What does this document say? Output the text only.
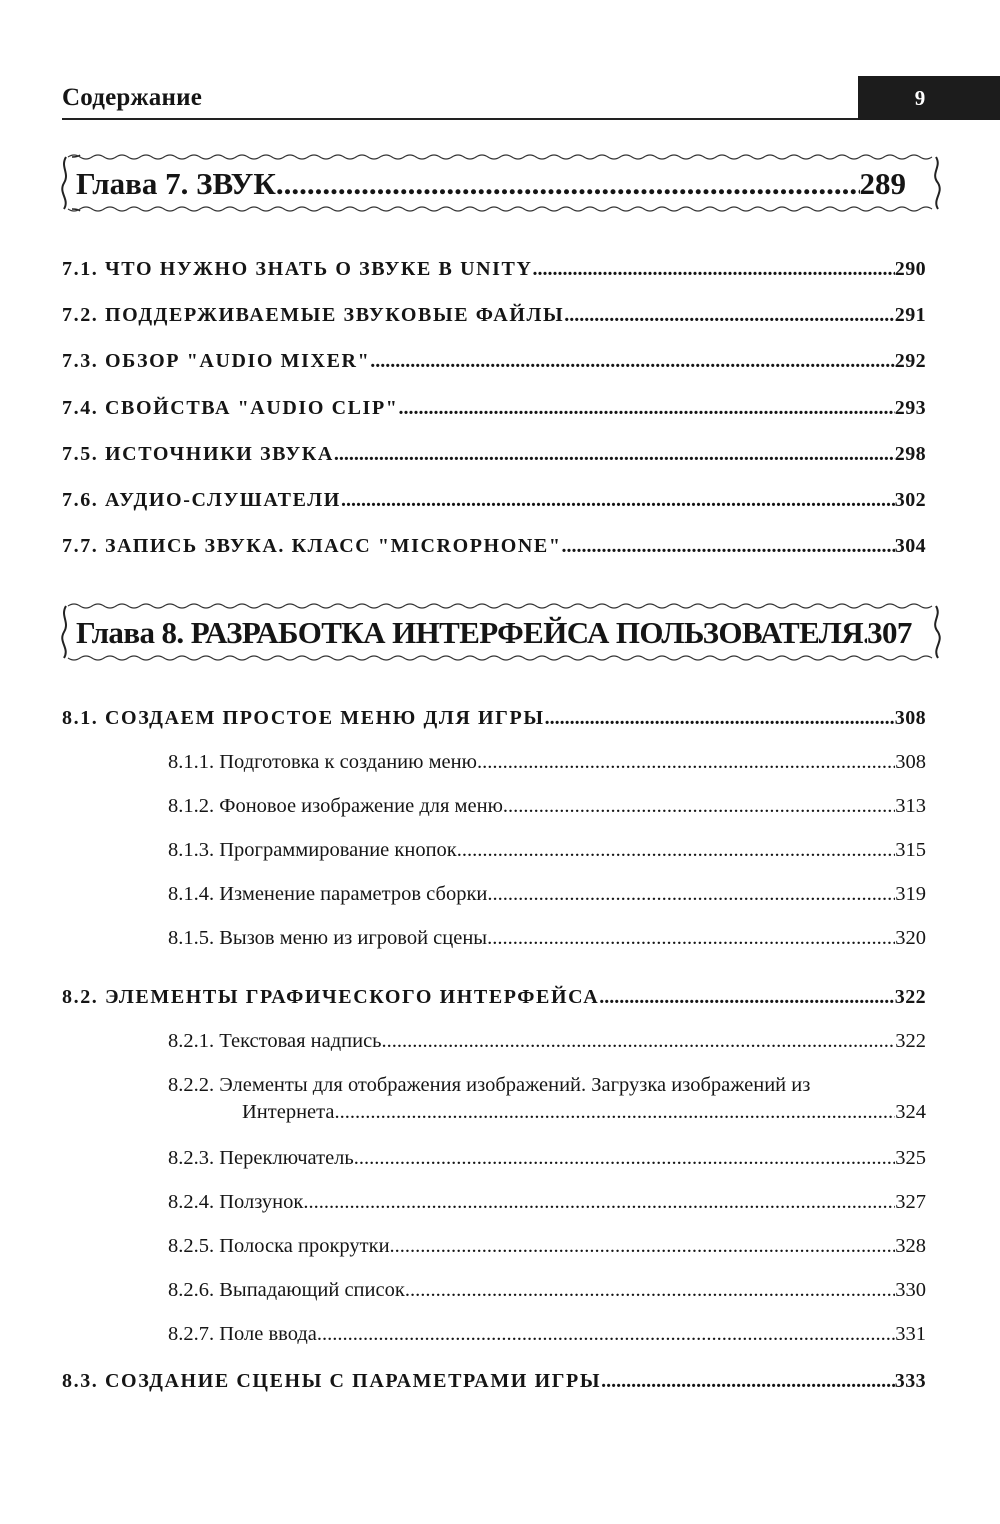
Содержание	9
Глава 7. ЗВУК .....	289
7.1. ЧТО НУЖНО ЗНАТЬ О ЗВУКЕ В UNITY .....	290
7.2. ПОДДЕРЖИВАЕМЫЕ ЗВУКОВЫЕ ФАЙЛЫ .....	291
7.3. ОБЗОР "AUDIO MIXER" .....	292
7.4. СВОЙСТВА "AUDIO CLIP" .....	293
7.5. ИСТОЧНИКИ ЗВУКА .....	298
7.6. АУДИО-СЛУШАТЕЛИ .....	302
7.7. ЗАПИСЬ ЗВУКА. КЛАСС "MICROPHONE" .....	304
Глава 8. РАЗРАБОТКА ИНТЕРФЕЙСА ПОЛЬЗОВАТЕЛЯ ..... 307
8.1. СОЗДАЕМ ПРОСТОЕ МЕНЮ ДЛЯ ИГРЫ .....	308
8.1.1. Подготовка к созданию меню .....	308
8.1.2. Фоновое изображение для меню .....	313
8.1.3. Программирование кнопок .....	315
8.1.4. Изменение параметров сборки .....	319
8.1.5. Вызов меню из игровой сцены .....	320
8.2. ЭЛЕМЕНТЫ ГРАФИЧЕСКОГО ИНТЕРФЕЙСА .....	322
8.2.1. Текстовая надпись .....	322
8.2.2. Элементы для отображения изображений. Загрузка изображений из
Интернета .....	324
8.2.3. Переключатель .....	325
8.2.4. Ползунок .....	327
8.2.5. Полоска прокрутки .....	328
8.2.6. Выпадающий список .....	330
8.2.7. Поле ввода .....	331
8.3. СОЗДАНИЕ СЦЕНЫ С ПАРАМЕТРАМИ ИГРЫ .....	333
